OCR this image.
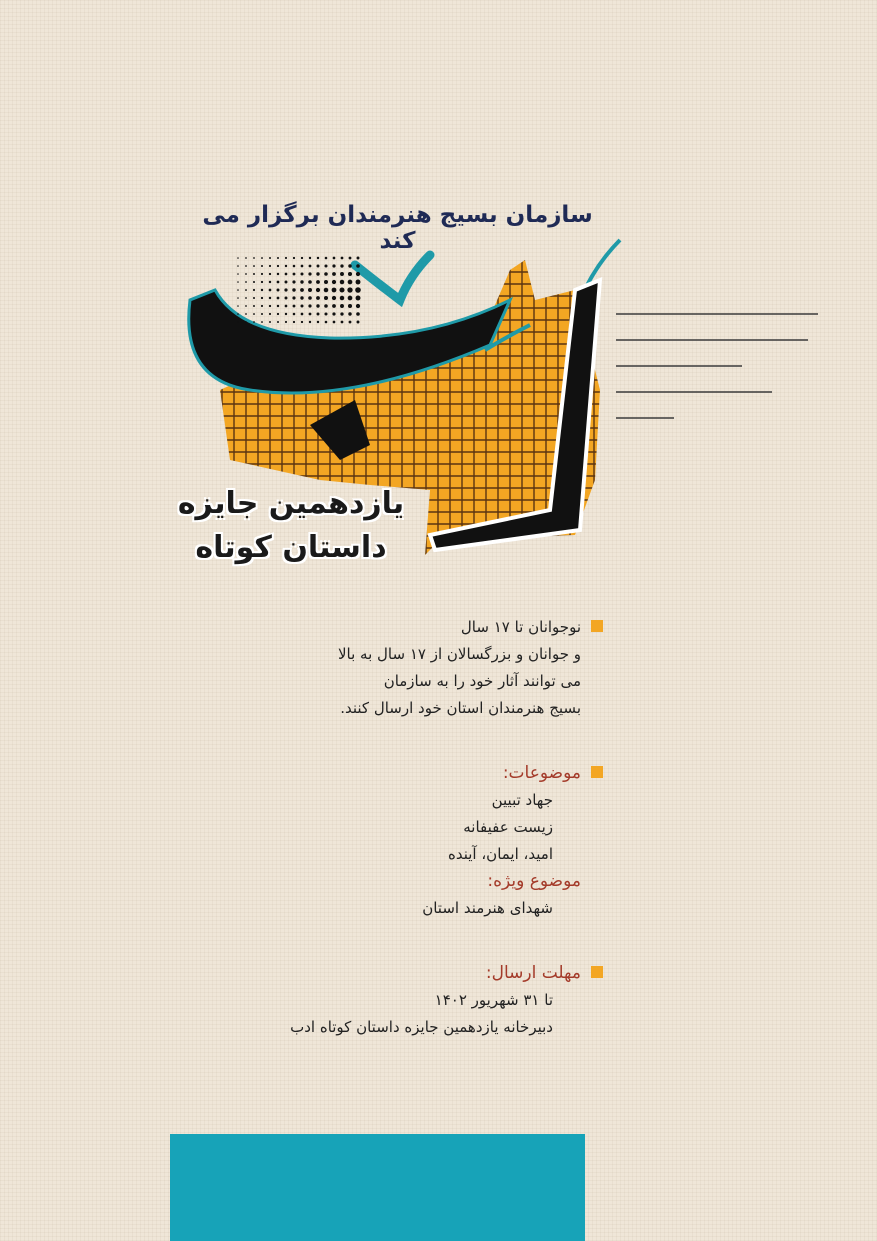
سازمان بسیج هنرمندان برگزار می کند
یازدهمین جایزه
داستان کوتاه
نوجوانان تا ۱۷ سال
و جوانان و بزرگسالان از ۱۷ سال به بالا
می توانند آثار خود را به سازمان
بسیج هنرمندان استان خود ارسال کنند.
موضوعات:
جهاد تبیین
زیست عفیفانه
امید، ایمان، آینده
موضوع ویژه:
شهدای هنرمند استان
مهلت ارسال:
تا ۳۱ شهریور ۱۴۰۲
دبیرخانه یازدهمین جایزه داستان کوتاه ادب
